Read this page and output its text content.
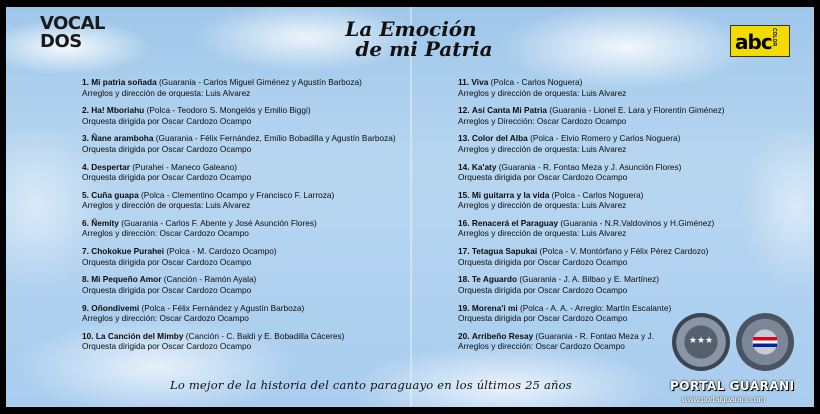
VOCAL
DOS
La Emoción
de mi Patria	abc COLOR
1. Mi patria soñada (Guarania - Carlos Miguel Giménez y Agustín Barboza)
Arreglos y dirección de orquesta: Luis Alvarez
2. Ha! Mboriahu (Polca - Teodoro S. Mongelós y Emilio Biggi)
Orquesta dirigida por Oscar Cardozo Ocampo
3. Ñane aramboha (Guarania - Félix Fernández, Emilio Bobadilla y Agustín Barboza)
Orquesta dirigida por Oscar Cardozo Ocampo
4. Despertar (Purahei - Maneco Galeano)
Orquesta dirigida por Oscar Cardozo Ocampo
5. Cuña guapa (Polca - Clementino Ocampo y Francisco F. Larroza)
Arreglos y dirección de orquesta: Luis Alvarez
6. Ñemity (Guarania - Carlos F. Abente y José Asunción Flores)
Arreglos y dirección: Oscar Cardozo Ocampo
7. Chokokue Purahei (Polca - M. Cardozo Ocampo)
Orquesta dirigida por Oscar Cardozo Ocampo
8. Mi Pequeño Amor (Canción - Ramón Ayala)
Orquesta dirigida por Oscar Cardozo Ocampo
9. Oñondivemi (Polca - Félix Fernández y Agustín Barboza)
Arreglos y dirección: Oscar Cardozo Ocampo
10. La Canción del Mimby (Canción - C. Baldi y E. Bobadilla Cáceres)
Orquesta dirigida por Oscar Cardozo Ocampo
11. Viva (Polca - Carlos Noguera)
Arreglos y dirección de orquesta: Luis Alvarez
12. Así Canta Mi Patria (Guarania - Lionel E. Lara y Florentín Giménez)
Arreglos y Dirección: Oscar Cardozo Ocampo
13. Color del Alba (Polca - Elvio Romero y Carlos Noguera)
Arreglos y dirección de orquesta: Luis Alvarez
14. Ka'aty (Guarania - R. Fontao Meza y J. Asunción Flores)
Orquesta dirigida por Oscar Cardozo Ocampo
15. Mi guitarra y la vida (Polca - Carlos Noguera)
Arreglos y dirección de orquesta: Luis Alvarez
16. Renacerá el Paraguay (Guarania - N.R.Valdovinos y H.Giménez)
Arreglos y dirección de orquesta: Luis Alvarez
17. Tetagua Sapukai (Polca - V. Montórfano y Félix Pérez Cardozo)
Orquesta dirigida por Oscar Cardozo Ocampo
18. Te Aguardo (Guarania - J. A. Bilbao y E. Martínez)
Orquesta dirigida por Oscar Cardozo Ocampo
19. Morena'i mi (Polca - A. A. - Arreglo: Martín Escalante)
Orquesta dirigida por Oscar Cardozo Ocampo
20. Arribeño Resay (Guarania - R. Fontao Meza y J.
Arreglos y dirección: Oscar Cardozo Ocampo
★★★
Lo mejor de la historia del canto paraguayo en los últimos 25 años	PORTAL GUARANI
www.portalguarani.com
